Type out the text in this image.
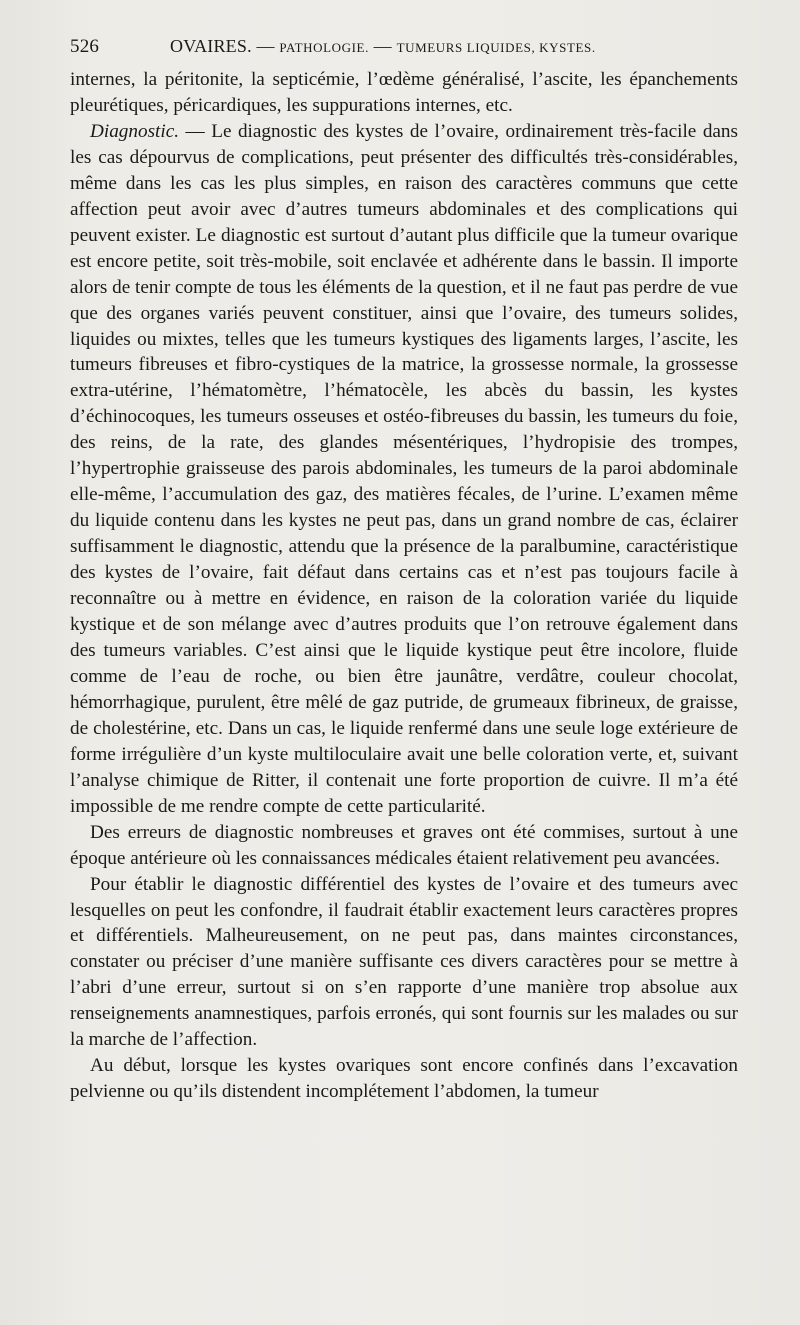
526	OVAIRES. — PATHOLOGIE. — TUMEURS LIQUIDES, KYSTES.

internes, la péritonite, la septicémie, l’œdème généralisé, l’ascite, les épanchements pleurétiques, péricardiques, les suppurations internes, etc.

Diagnostic. — Le diagnostic des kystes de l’ovaire, ordinairement très-facile dans les cas dépourvus de complications, peut présenter des difficultés très-considérables, même dans les cas les plus simples, en raison des caractères communs que cette affection peut avoir avec d’autres tumeurs abdominales et des complications qui peuvent exister. Le diagnostic est surtout d’autant plus difficile que la tumeur ovarique est encore petite, soit très-mobile, soit enclavée et adhérente dans le bassin. Il importe alors de tenir compte de tous les éléments de la question, et il ne faut pas perdre de vue que des organes variés peuvent constituer, ainsi que l’ovaire, des tumeurs solides, liquides ou mixtes, telles que les tumeurs kystiques des ligaments larges, l’ascite, les tumeurs fibreuses et fibro-cystiques de la matrice, la grossesse normale, la grossesse extra-utérine, l’hématomètre, l’hématocèle, les abcès du bassin, les kystes d’échinocoques, les tumeurs osseuses et ostéo-fibreuses du bassin, les tumeurs du foie, des reins, de la rate, des glandes mésentériques, l’hydropisie des trompes, l’hypertrophie graisseuse des parois abdominales, les tumeurs de la paroi abdominale elle-même, l’accumulation des gaz, des matières fécales, de l’urine. L’examen même du liquide contenu dans les kystes ne peut pas, dans un grand nombre de cas, éclairer suffisamment le diagnostic, attendu que la présence de la paralbumine, caractéristique des kystes de l’ovaire, fait défaut dans certains cas et n’est pas toujours facile à reconnaître ou à mettre en évidence, en raison de la coloration variée du liquide kystique et de son mélange avec d’autres produits que l’on retrouve également dans des tumeurs variables. C’est ainsi que le liquide kystique peut être incolore, fluide comme de l’eau de roche, ou bien être jaunâtre, verdâtre, couleur chocolat, hémorrhagique, purulent, être mêlé de gaz putride, de grumeaux fibrineux, de graisse, de cholestérine, etc. Dans un cas, le liquide renfermé dans une seule loge extérieure de forme irrégulière d’un kyste multiloculaire avait une belle coloration verte, et, suivant l’analyse chimique de Ritter, il contenait une forte proportion de cuivre. Il m’a été impossible de me rendre compte de cette particularité.

Des erreurs de diagnostic nombreuses et graves ont été commises, surtout à une époque antérieure où les connaissances médicales étaient relativement peu avancées.

Pour établir le diagnostic différentiel des kystes de l’ovaire et des tumeurs avec lesquelles on peut les confondre, il faudrait établir exactement leurs caractères propres et différentiels. Malheureusement, on ne peut pas, dans maintes circonstances, constater ou préciser d’une manière suffisante ces divers caractères pour se mettre à l’abri d’une erreur, surtout si on s’en rapporte d’une manière trop absolue aux renseignements anamnestiques, parfois erronés, qui sont fournis sur les malades ou sur la marche de l’affection.

Au début, lorsque les kystes ovariques sont encore confinés dans l’excavation pelvienne ou qu’ils distendent incomplétement l’abdomen, la tumeur
